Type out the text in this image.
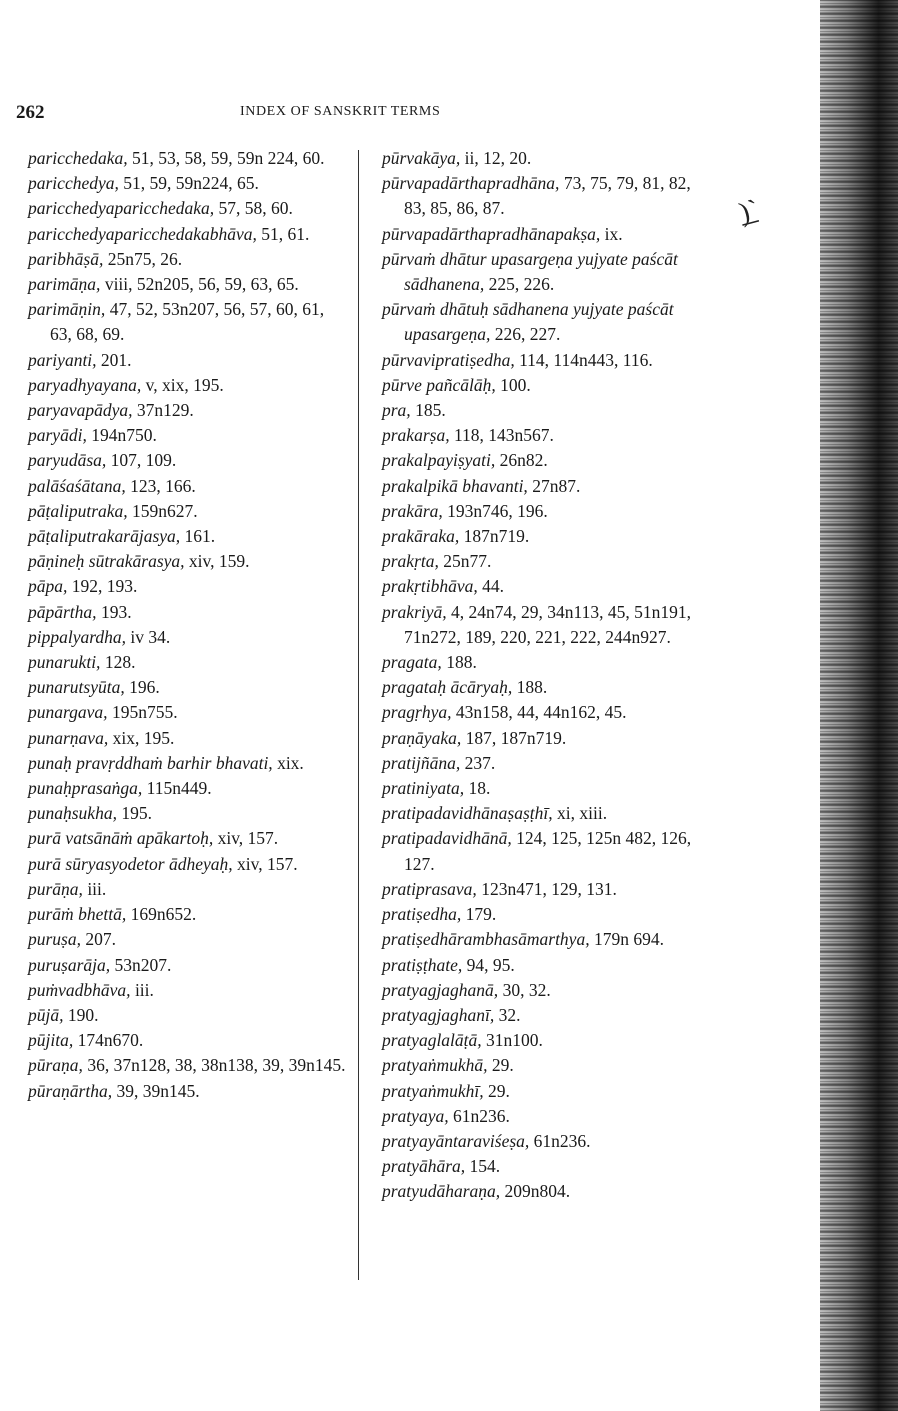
262	INDEX OF SANSKRIT TERMS
paricchedaka, 51, 53, 58, 59, 59n 224, 60.
paricchedya, 51, 59, 59n224, 65.
paricchedyaparicchedaka, 57, 58, 60.
paricchedyaparicchedakabhāva, 51, 61.
paribhāṣā, 25n75, 26.
parimāṇa, viii, 52n205, 56, 59, 63, 65.
parimāṇin, 47, 52, 53n207, 56, 57, 60, 61, 63, 68, 69.
pariyanti, 201.
paryadhyayana, v, xix, 195.
paryavapādya, 37n129.
paryādi, 194n750.
paryudāsa, 107, 109.
palāśaśātana, 123, 166.
pāṭaliputraka, 159n627.
pāṭaliputrakarājasya, 161.
pāṇineḥ sūtrakārasya, xiv, 159.
pāpa, 192, 193.
pāpārtha, 193.
pippalyardha, iv 34.
punarukti, 128.
punarutsyūta, 196.
punargava, 195n755.
punarṇava, xix, 195.
punaḥ pravṛddhaṁ barhir bhavati, xix.
punaḥprasaṅga, 115n449.
punaḥsukha, 195.
purā vatsānāṁ apākartoḥ, xiv, 157.
purā sūryasyodetor ādheyaḥ, xiv, 157.
purāṇa, iii.
purāṁ bhettā, 169n652.
puruṣa, 207.
puruṣarāja, 53n207.
puṁvadbhāva, iii.
pūjā, 190.
pūjita, 174n670.
pūraṇa, 36, 37n128, 38, 38n138, 39, 39n145.
pūraṇārtha, 39, 39n145.
pūrvakāya, ii, 12, 20.
pūrvapadārthapradhāna, 73, 75, 79, 81, 82, 83, 85, 86, 87.
pūrvapadārthapradhānapakṣa, ix.
pūrvaṁ dhātur upasargeṇa yujyate paścāt sādhanena, 225, 226.
pūrvaṁ dhātuḥ sādhanena yujyate paścāt upasargeṇa, 226, 227.
pūrvavipratiṣedha, 114, 114n443, 116.
pūrve pañcālāḥ, 100.
pra, 185.
prakarṣa, 118, 143n567.
prakalpayiṣyati, 26n82.
prakalpikā bhavanti, 27n87.
prakāra, 193n746, 196.
prakāraka, 187n719.
prakṛta, 25n77.
prakṛtibhāva, 44.
prakriyā, 4, 24n74, 29, 34n113, 45, 51n191, 71n272, 189, 220, 221, 222, 244n927.
pragata, 188.
pragataḥ ācāryaḥ, 188.
pragṛhya, 43n158, 44, 44n162, 45.
praṇāyaka, 187, 187n719.
pratijñāna, 237.
pratiniyata, 18.
pratipadavidhānaṣaṣṭhī, xi, xiii.
pratipadavidhānā, 124, 125, 125n 482, 126, 127.
pratiprasava, 123n471, 129, 131.
pratiṣedha, 179.
pratiṣedhārambhasāmarthya, 179n 694.
pratiṣṭhate, 94, 95.
pratyagjaghanā, 30, 32.
pratyagjaghanī, 32.
pratyaglalāṭā, 31n100.
pratyaṅmukhā, 29.
pratyaṅmukhī, 29.
pratyaya, 61n236.
pratyayāntaraviśeṣa, 61n236.
pratyāhāra, 154.
pratyudāharaṇa, 209n804.
͟)ˋ
